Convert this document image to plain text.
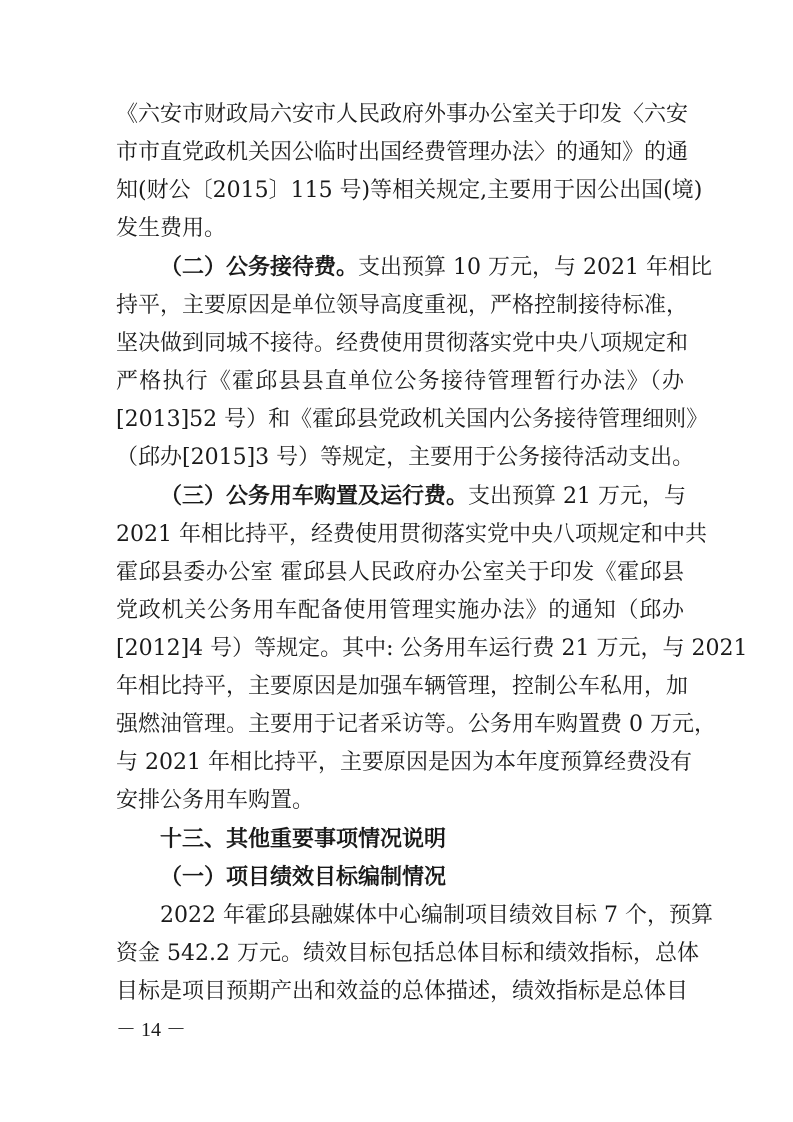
《六安市财政局六安市人民政府外事办公室关于印发〈六安
市市直党政机关因公临时出国经费管理办法〉的通知》的通
知(财公〔2015〕115 号)等相关规定,主要用于因公出国(境)
发生费用。
（二）公务接待费。支出预算 10 万元，与 2021 年相比
持平，主要原因是单位领导高度重视，严格控制接待标准，
坚决做到同城不接待。经费使用贯彻落实党中央八项规定和
严格执行《霍邱县县直单位公务接待管理暂行办法》（办
[2013]52 号）和《霍邱县党政机关国内公务接待管理细则》
（邱办[2015]3 号）等规定，主要用于公务接待活动支出。
（三）公务用车购置及运行费。支出预算 21 万元，与
2021 年相比持平，经费使用贯彻落实党中央八项规定和中共
霍邱县委办公室 霍邱县人民政府办公室关于印发《霍邱县
党政机关公务用车配备使用管理实施办法》的通知（邱办
[2012]4 号）等规定。其中: 公务用车运行费 21 万元，与 2021
年相比持平，主要原因是加强车辆管理，控制公车私用，加
强燃油管理。主要用于记者采访等。公务用车购置费 0 万元，
与 2021 年相比持平，主要原因是因为本年度预算经费没有
安排公务用车购置。
十三、其他重要事项情况说明
（一）项目绩效目标编制情况
2022 年霍邱县融媒体中心编制项目绩效目标 7 个，预算
资金 542.2 万元。绩效目标包括总体目标和绩效指标，总体
目标是项目预期产出和效益的总体描述，绩效指标是总体目
－ 14 －
